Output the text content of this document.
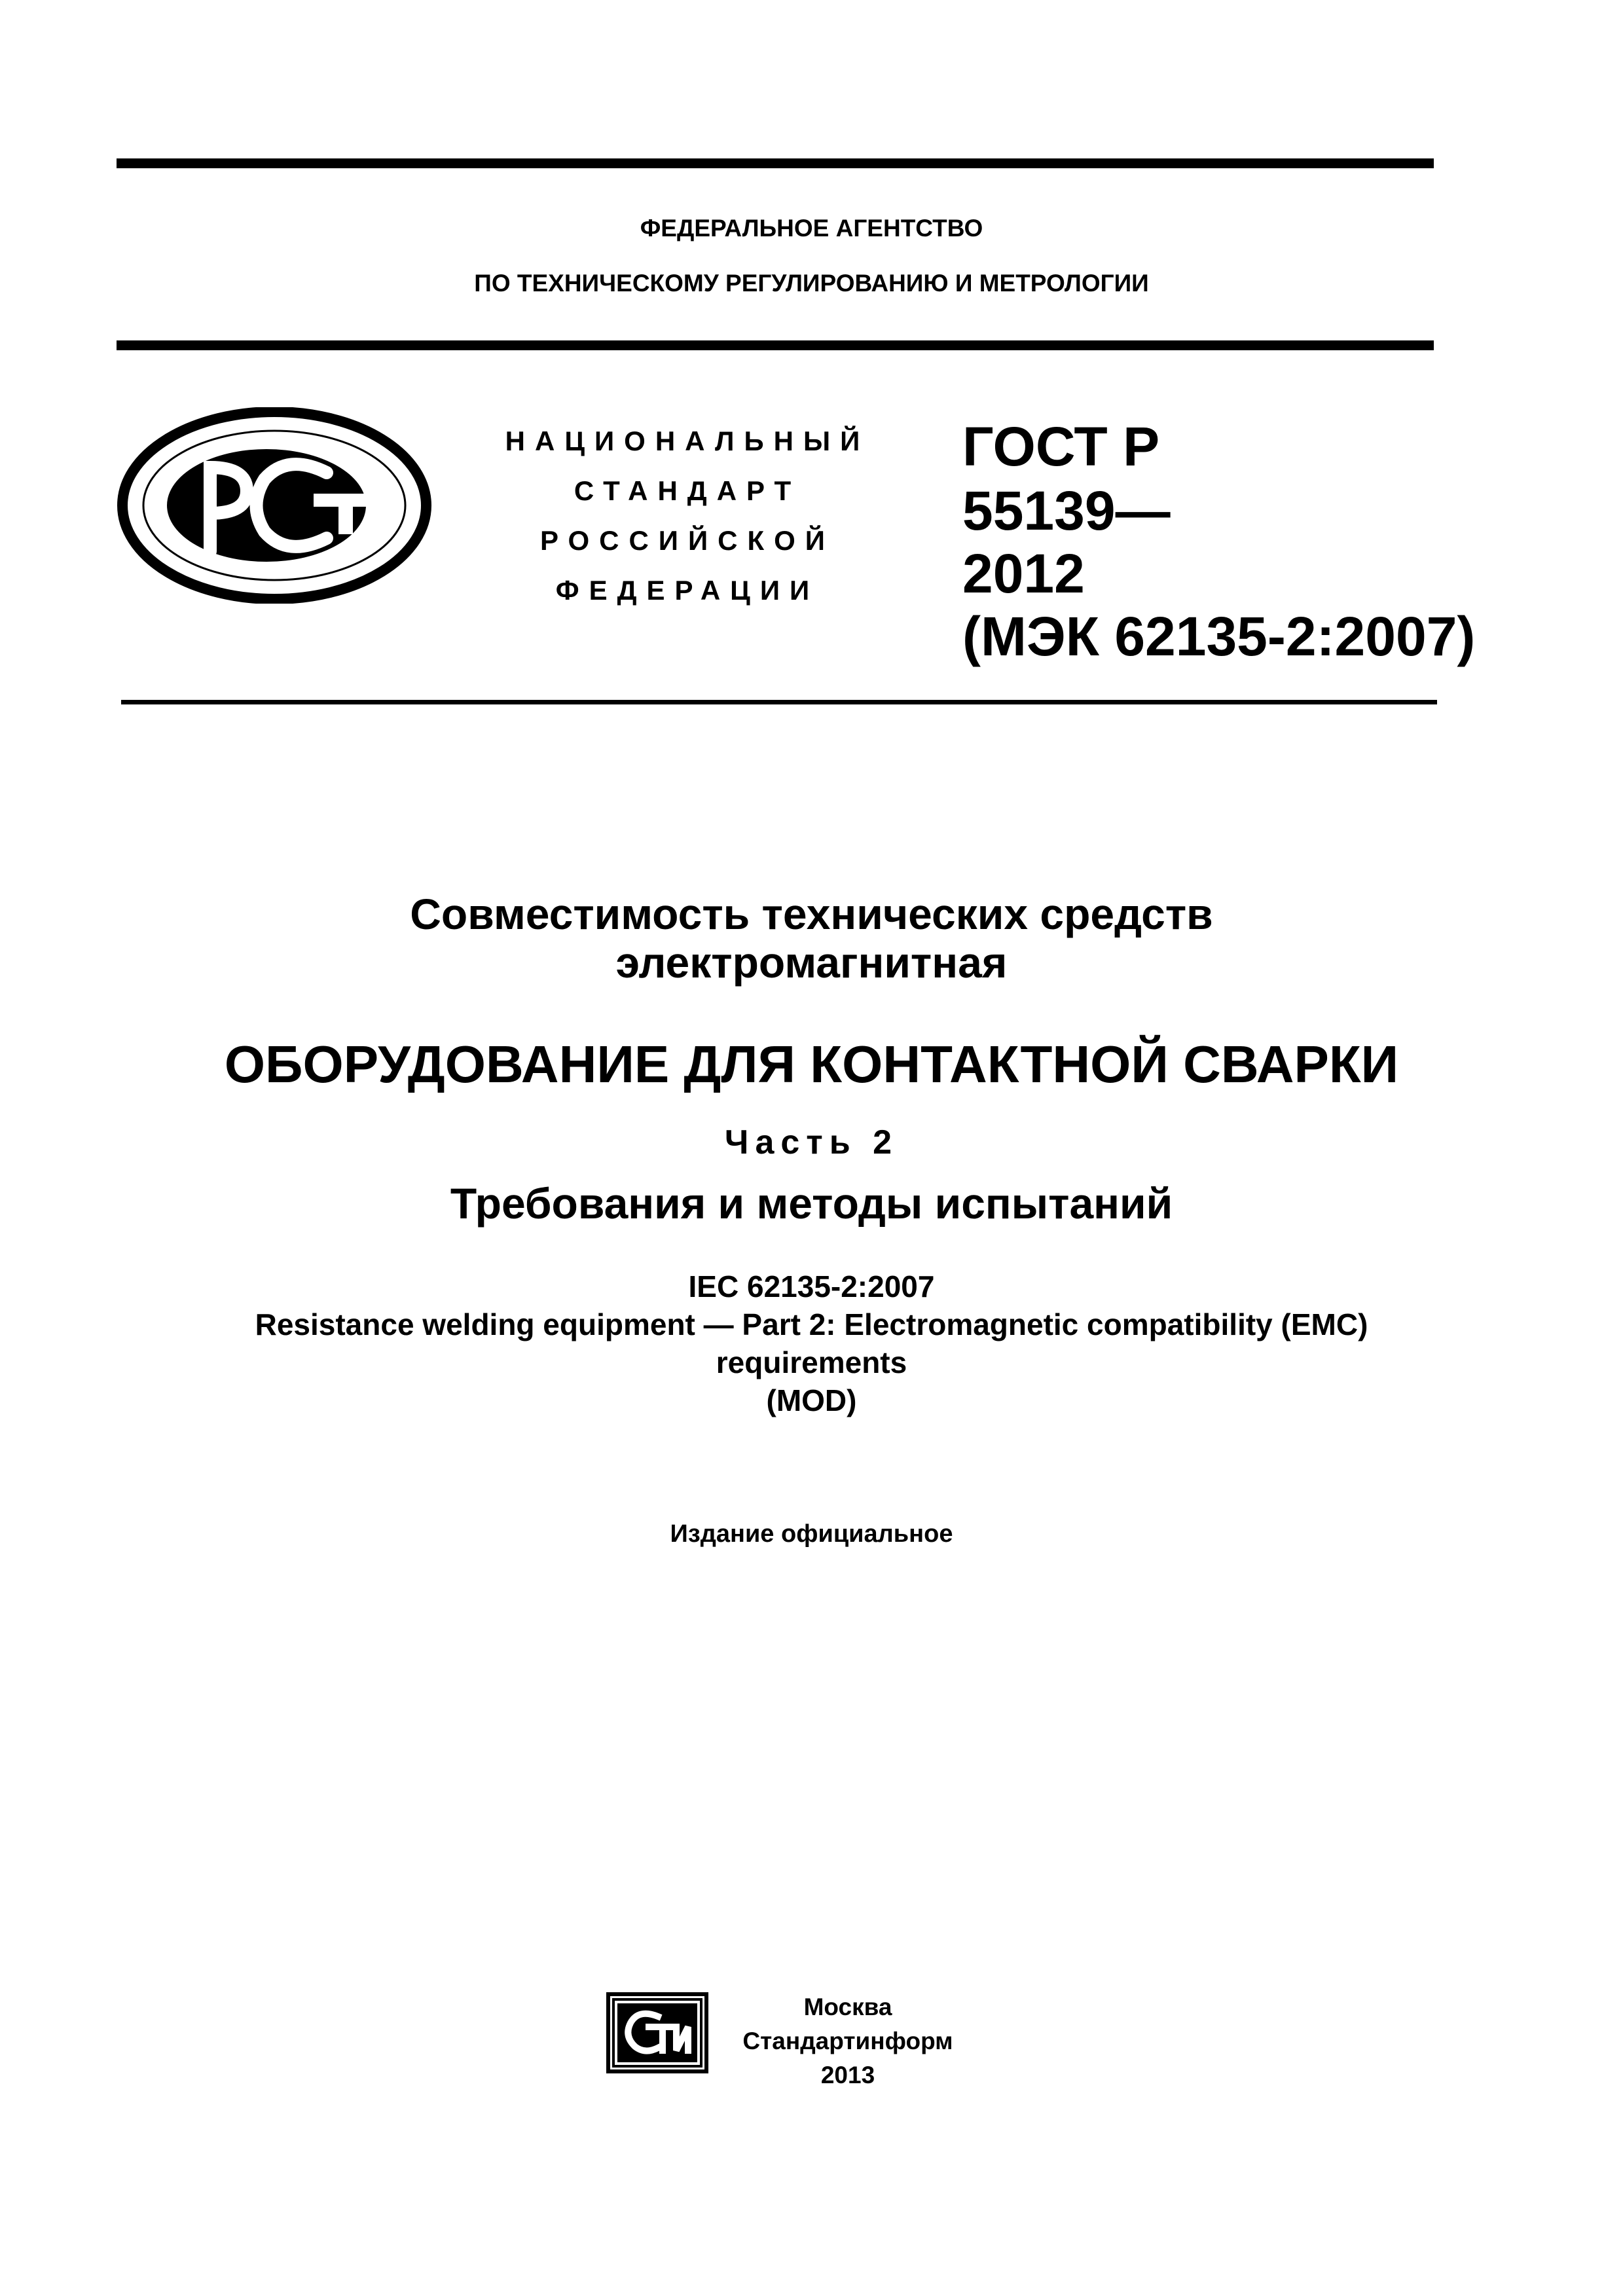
ФЕДЕРАЛЬНОЕ АГЕНТСТВО
ПО ТЕХНИЧЕСКОМУ РЕГУЛИРОВАНИЮ И МЕТРОЛОГИИ
НАЦИОНАЛЬНЫЙ
СТАНДАРТ
РОССИЙСКОЙ
ФЕДЕРАЦИИ
ГОСТ Р
55139—
2012
(МЭК 62135-2:2007)
Совместимость технических средств
электромагнитная
ОБОРУДОВАНИЕ ДЛЯ КОНТАКТНОЙ СВАРКИ
Часть 2
Требования и методы испытаний
IEC 62135-2:2007
Resistance welding equipment — Part 2: Electromagnetic compatibility (EMC)
requirements
(MOD)
Издание официальное
Москва
Стандартинформ
2013
